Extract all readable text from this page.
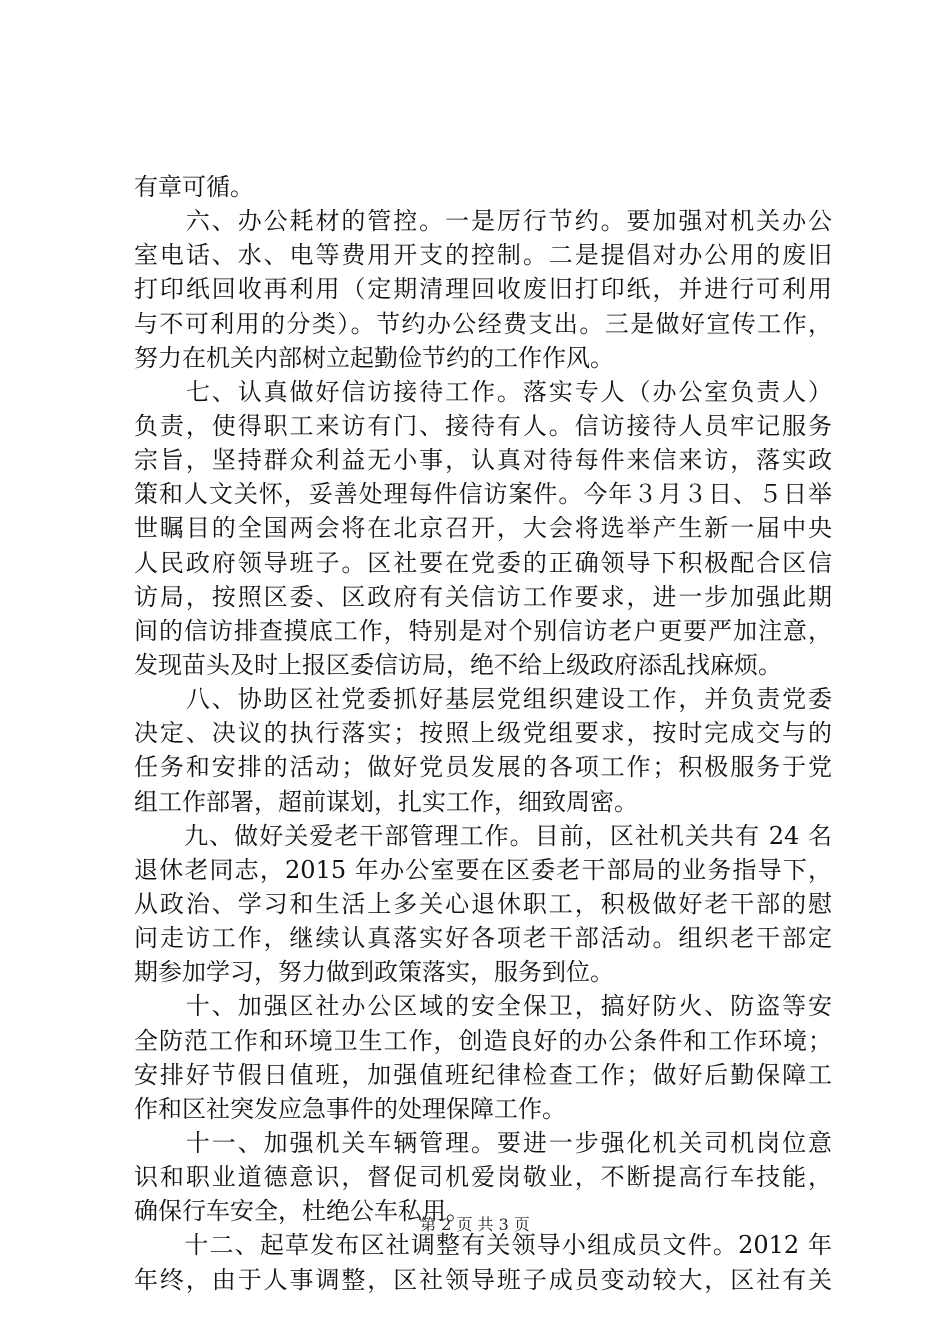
有章可循。
　　六、办公耗材的管控。一是厉行节约。要加强对机关办公
室电话、水、电等费用开支的控制。二是提倡对办公用的废旧
打印纸回收再利用（定期清理回收废旧打印纸，并进行可利用
与不可利用的分类）。节约办公经费支出。三是做好宣传工作，
努力在机关内部树立起勤俭节约的工作作风。
　　七、认真做好信访接待工作。落实专人（办公室负责人）
负责，使得职工来访有门、接待有人。信访接待人员牢记服务
宗旨，坚持群众利益无小事，认真对待每件来信来访，落实政
策和人文关怀，妥善处理每件信访案件。今年３月３日、５日举
世瞩目的全国两会将在北京召开，大会将选举产生新一届中央
人民政府领导班子。区社要在党委的正确领导下积极配合区信
访局，按照区委、区政府有关信访工作要求，进一步加强此期
间的信访排查摸底工作，特别是对个别信访老户更要严加注意，
发现苗头及时上报区委信访局，绝不给上级政府添乱找麻烦。
　　八、协助区社党委抓好基层党组织建设工作，并负责党委
决定、决议的执行落实；按照上级党组要求，按时完成交与的
任务和安排的活动；做好党员发展的各项工作；积极服务于党
组工作部署，超前谋划，扎实工作，细致周密。
　　九、做好关爱老干部管理工作。目前，区社机关共有 24 名
退休老同志，2015 年办公室要在区委老干部局的业务指导下，
从政治、学习和生活上多关心退休职工，积极做好老干部的慰
问走访工作，继续认真落实好各项老干部活动。组织老干部定
期参加学习，努力做到政策落实，服务到位。
　　十、加强区社办公区域的安全保卫，搞好防火、防盗等安
全防范工作和环境卫生工作，创造良好的办公条件和工作环境；
安排好节假日值班，加强值班纪律检查工作；做好后勤保障工
作和区社突发应急事件的处理保障工作。
　　十一、加强机关车辆管理。要进一步强化机关司机岗位意
识和职业道德意识，督促司机爱岗敬业，不断提高行车技能，
确保行车安全，杜绝公车私用。
　　十二、起草发布区社调整有关领导小组成员文件。2012 年
年终，由于人事调整，区社领导班子成员变动较大，区社有关
第 2 页 共 3 页
